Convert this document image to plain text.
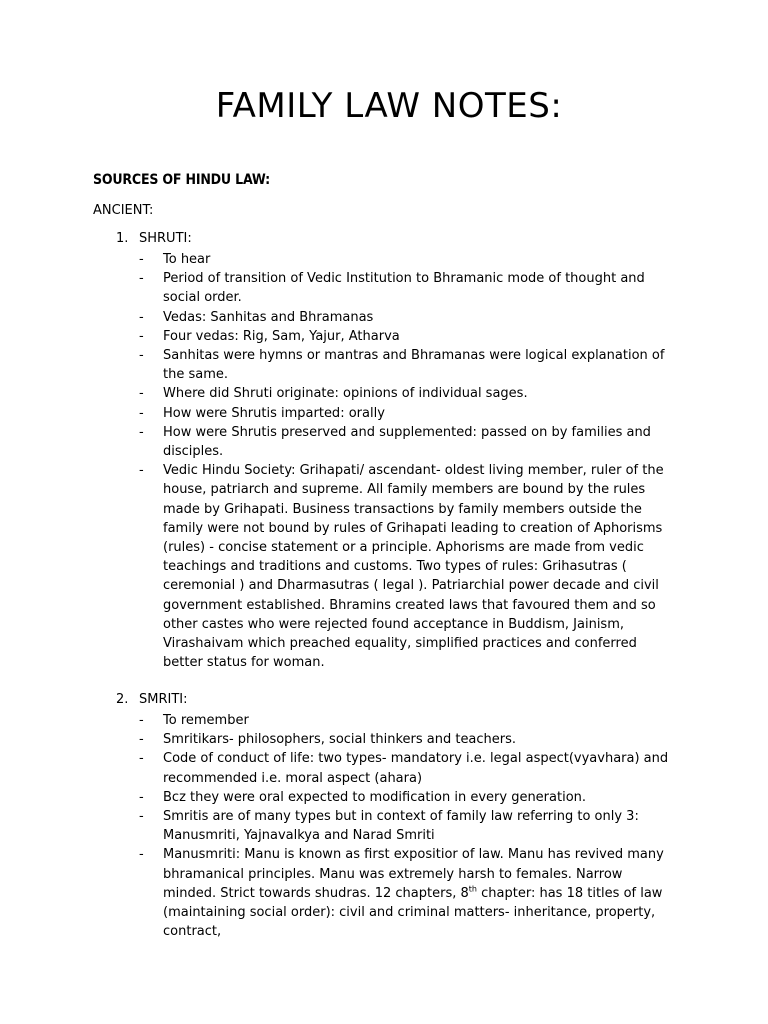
FAMILY LAW NOTES:
SOURCES OF HINDU LAW:
ANCIENT:
1. SHRUTI:
- To hear
- Period of transition of Vedic Institution to Bhramanic mode of thought and social order.
- Vedas: Sanhitas and Bhramanas
- Four vedas: Rig, Sam, Yajur, Atharva
- Sanhitas were hymns or mantras and Bhramanas were logical explanation of the same.
- Where did Shruti originate: opinions of individual sages.
- How were Shrutis imparted: orally
- How were Shrutis preserved and supplemented: passed on by families and disciples.
- Vedic Hindu Society: Grihapati/ ascendant- oldest living member, ruler of the house, patriarch and supreme. All family members are bound by the rules made by Grihapati. Business transactions by family members outside the family were not bound by rules of Grihapati leading to creation of Aphorisms (rules) - concise statement or a principle. Aphorisms are made from vedic teachings and traditions and customs. Two types of rules: Grihasutras ( ceremonial ) and Dharmasutras ( legal ). Patriarchial power decade and civil government established. Bhramins created laws that favoured them and so other castes who were rejected found acceptance in Buddism, Jainism, Virashaivam which preached equality, simplified practices and conferred better status for woman.
2. SMRITI:
- To remember
- Smritikars- philosophers, social thinkers and teachers.
- Code of conduct of life: two types- mandatory i.e. legal aspect(vyavhara) and recommended i.e. moral aspect (ahara)
- Bcz they were oral expected to modification in every generation.
- Smritis are of many types but in context of family law referring to only 3: Manusmriti, Yajnavalkya and Narad Smriti
- Manusmriti: Manu is known as first expositior of law. Manu has revived many bhramanical principles. Manu was extremely harsh to females. Narrow minded. Strict towards shudras. 12 chapters, 8th chapter: has 18 titles of law (maintaining social order): civil and criminal matters- inheritance, property, contract,
